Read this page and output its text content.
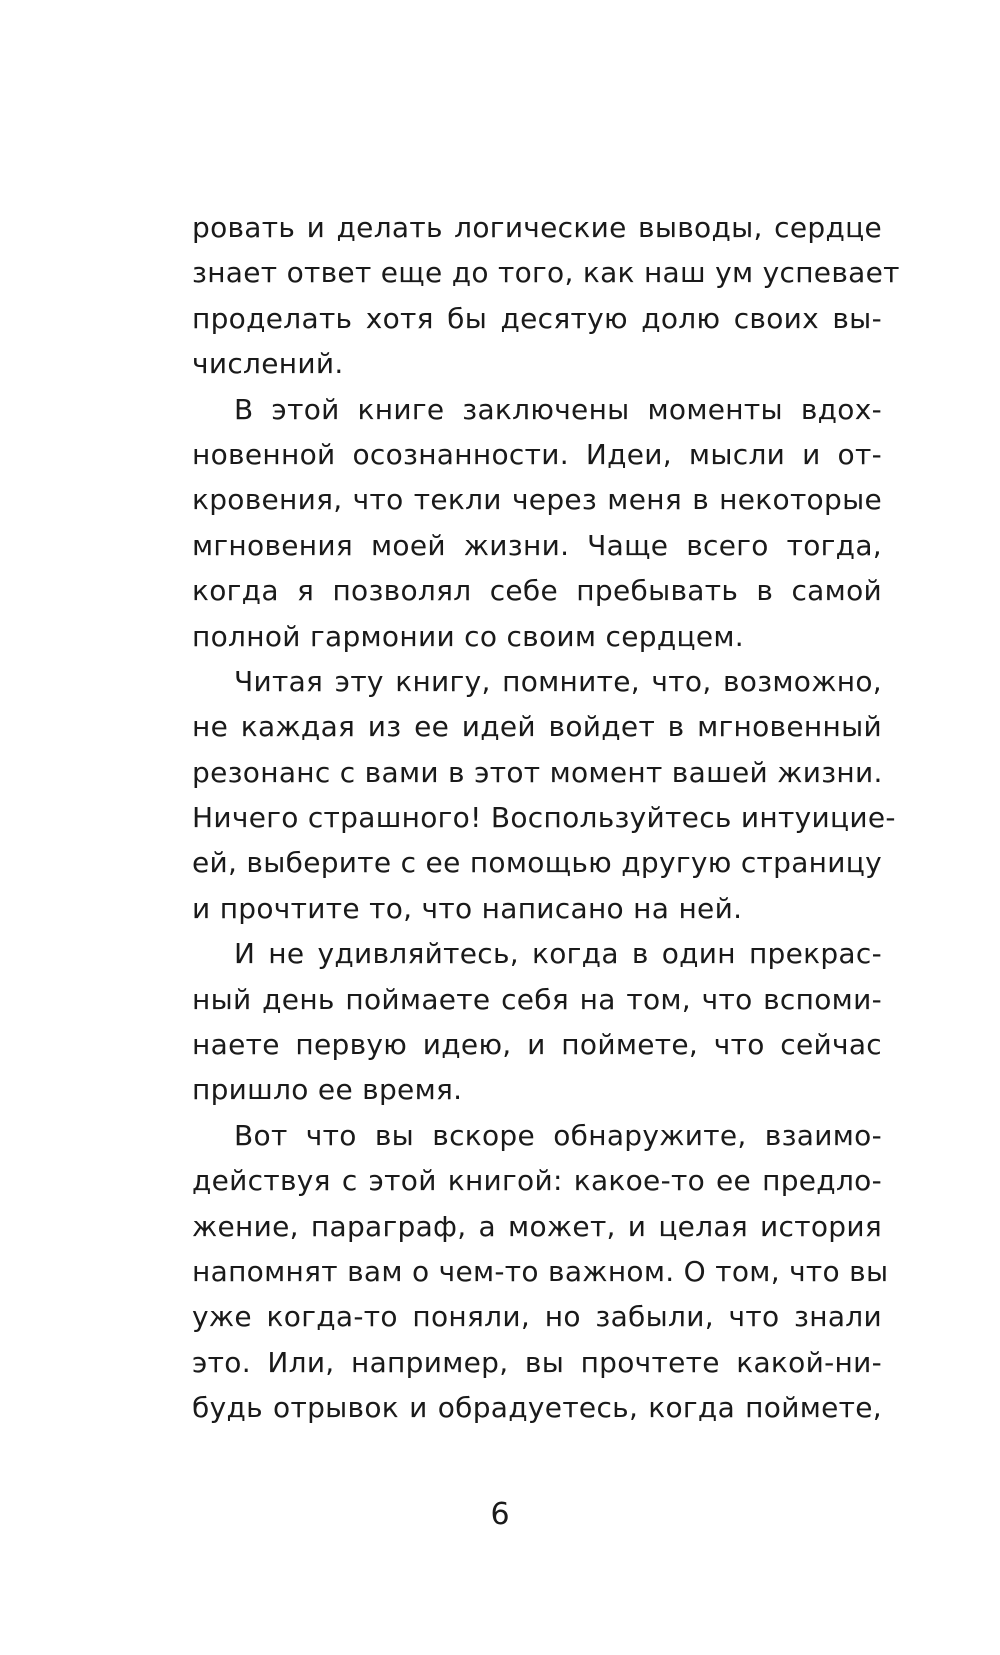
ровать и делать логические выводы, сердце
знает ответ еще до того, как наш ум успевает
проделать хотя бы десятую долю своих вы-
числений.
В этой книге заключены моменты вдох-
новенной осознанности. Идеи, мысли и от-
кровения, что текли через меня в некоторые
мгновения моей жизни. Чаще всего тогда,
когда я позволял себе пребывать в самой
полной гармонии со своим сердцем.
Читая эту книгу, помните, что, возможно,
не каждая из ее идей войдет в мгновенный
резонанс с вами в этот момент вашей жизни.
Ничего страшного! Воспользуйтесь интуицие-
ей, выберите с ее помощью другую страницу
и прочтите то, что написано на ней.
И не удивляйтесь, когда в один прекрас-
ный день поймаете себя на том, что вспоми-
наете первую идею, и поймете, что сейчас
пришло ее время.
Вот что вы вскоре обнаружите, взаимо-
действуя с этой книгой: какое-то ее предло-
жение, параграф, а может, и целая история
напомнят вам о чем-то важном. О том, что вы
уже когда-то поняли, но забыли, что знали
это. Или, например, вы прочтете какой-ни-
будь отрывок и обрадуетесь, когда поймете,
6
